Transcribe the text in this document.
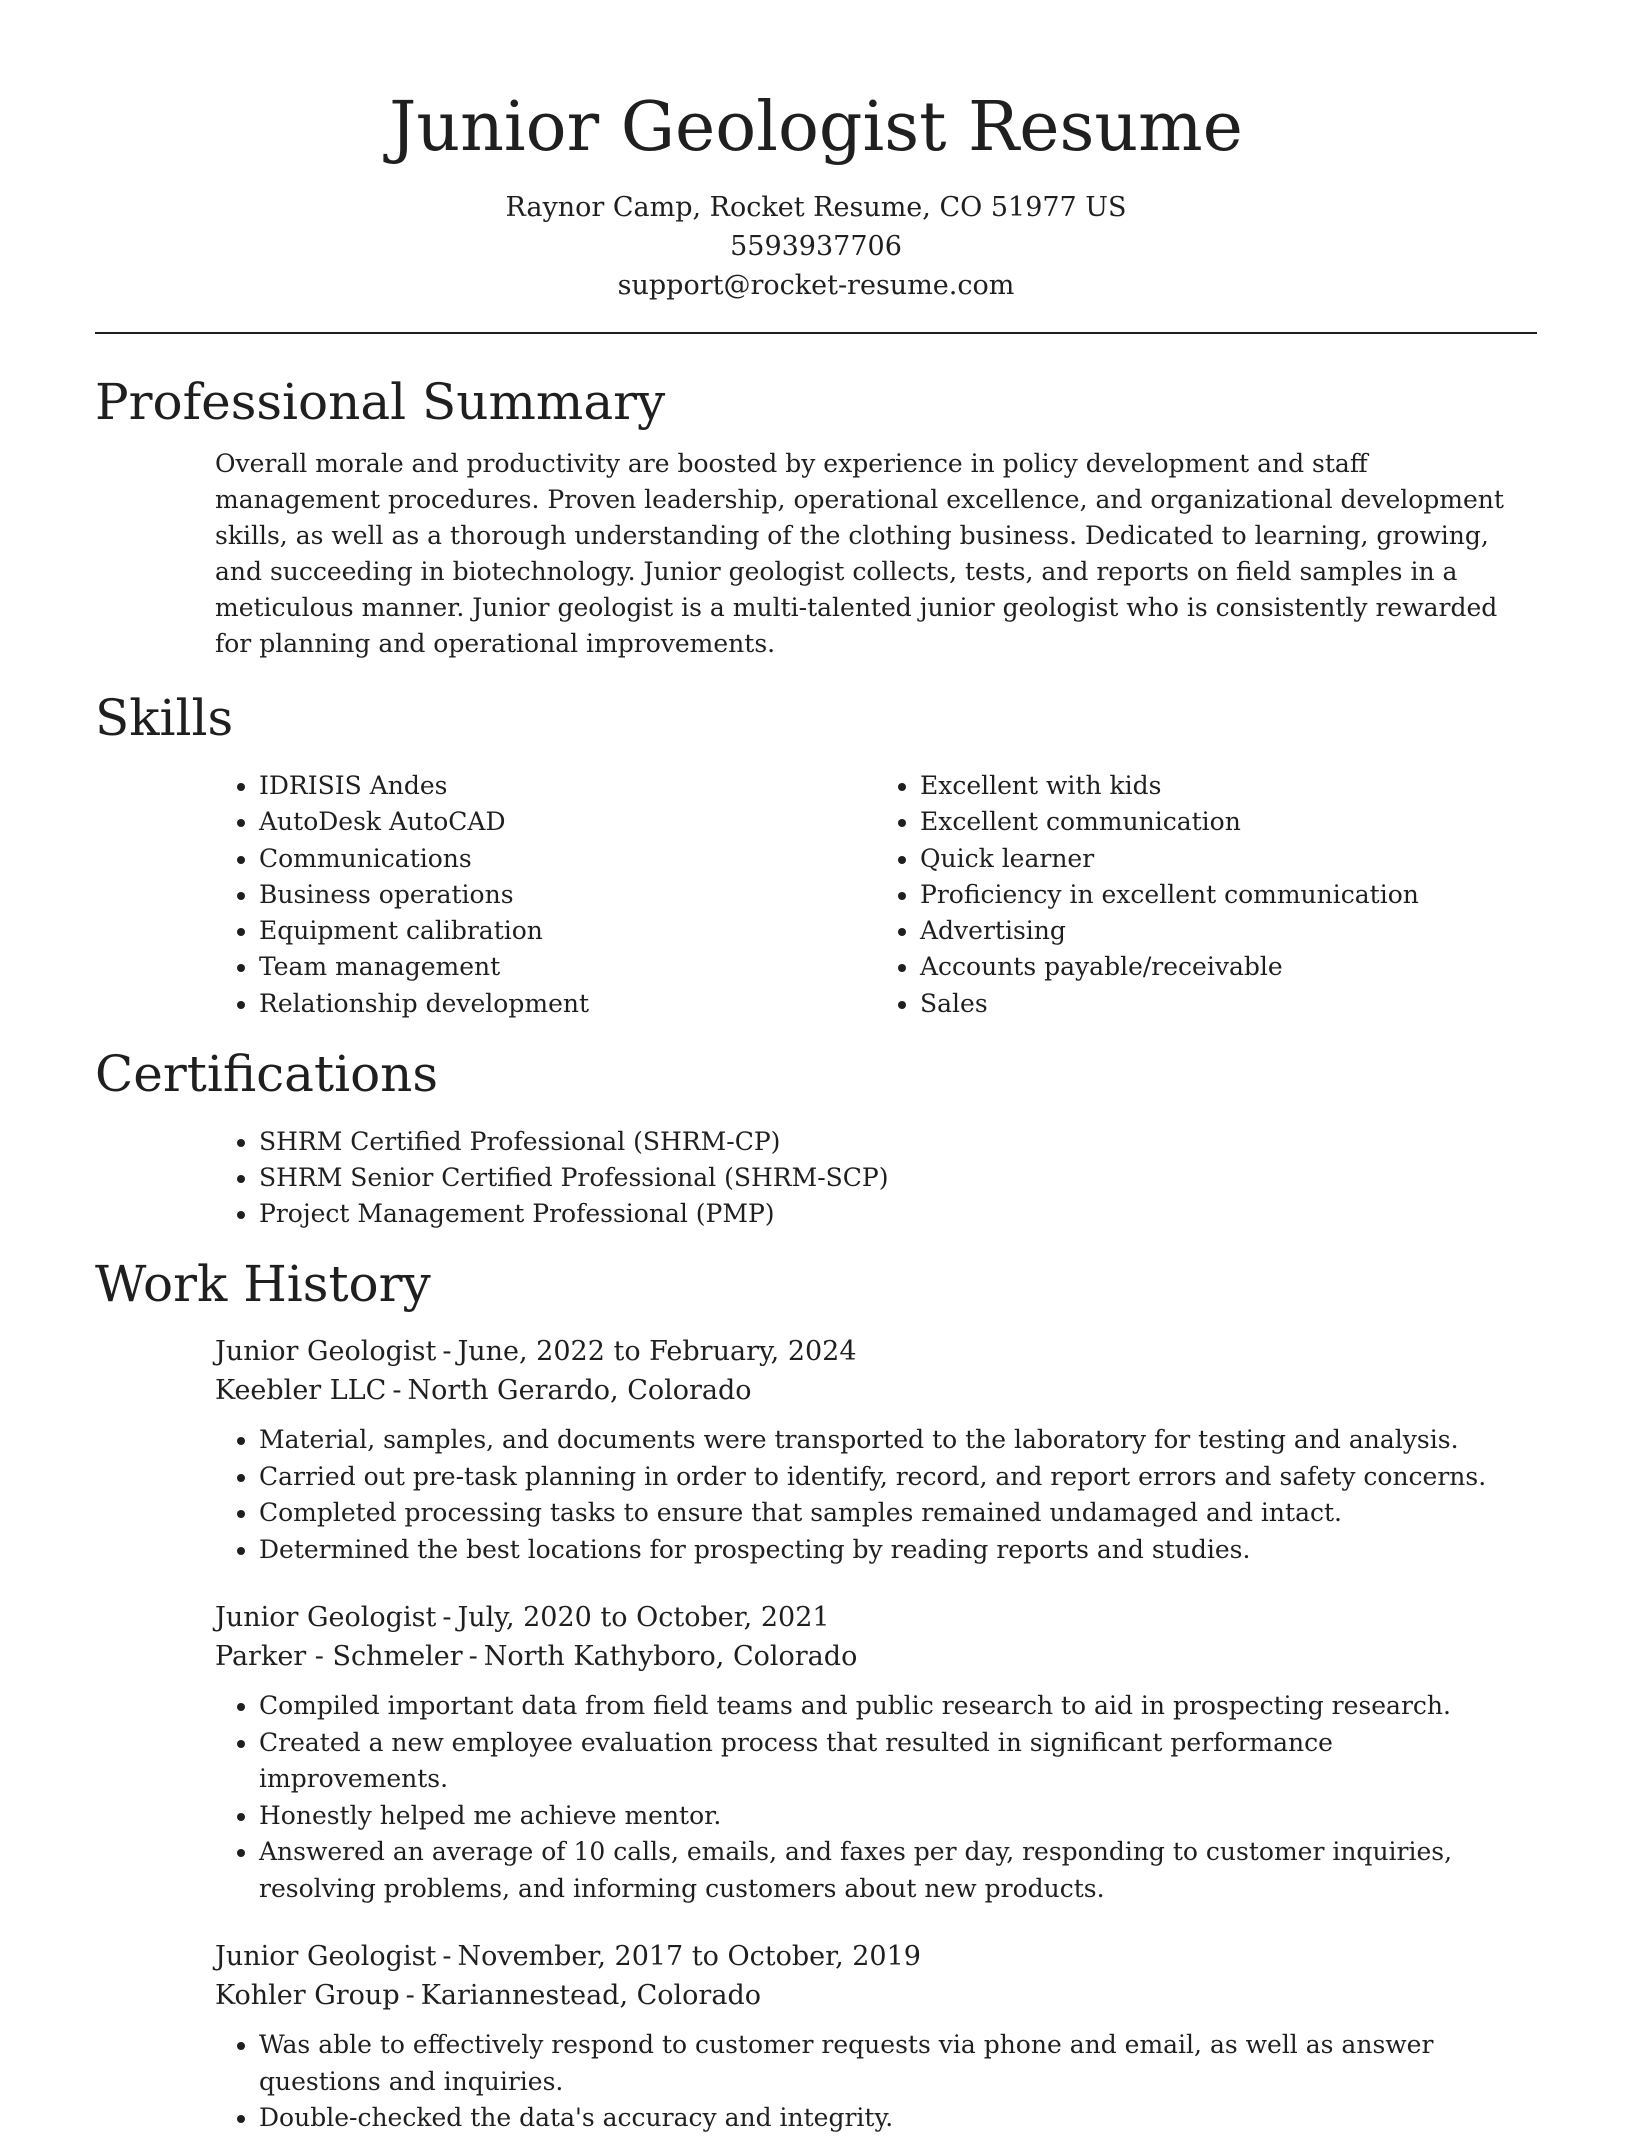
Junior Geologist Resume
Raynor Camp, Rocket Resume, CO 51977 US
5593937706
support@rocket-resume.com
Professional Summary

Overall morale and productivity are boosted by experience in policy development and staff management procedures. Proven leadership, operational excellence, and organizational development skills, as well as a thorough understanding of the clothing business. Dedicated to learning, growing, and succeeding in biotechnology. Junior geologist collects, tests, and reports on field samples in a meticulous manner. Junior geologist is a multi-talented junior geologist who is consistently rewarded for planning and operational improvements.

Skills
• IDRISIS Andes
• AutoDesk AutoCAD
• Communications
• Business operations
• Equipment calibration
• Team management
• Relationship development
• Excellent with kids
• Excellent communication
• Quick learner
• Proficiency in excellent communication
• Advertising
• Accounts payable/receivable
• Sales
Certifications
• SHRM Certified Professional (SHRM-CP)
• SHRM Senior Certified Professional (SHRM-SCP)
• Project Management Professional (PMP)
Work History
Junior Geologist - June, 2022 to February, 2024
Keebler LLC - North Gerardo, Colorado
• Material, samples, and documents were transported to the laboratory for testing and analysis.
• Carried out pre-task planning in order to identify, record, and report errors and safety concerns.
• Completed processing tasks to ensure that samples remained undamaged and intact.
• Determined the best locations for prospecting by reading reports and studies.
Junior Geologist - July, 2020 to October, 2021
Parker - Schmeler - North Kathyboro, Colorado
• Compiled important data from field teams and public research to aid in prospecting research.
• Created a new employee evaluation process that resulted in significant performance improvements.
• Honestly helped me achieve mentor.
• Answered an average of 10 calls, emails, and faxes per day, responding to customer inquiries, resolving problems, and informing customers about new products.
Junior Geologist - November, 2017 to October, 2019
Kohler Group - Kariannestead, Colorado
• Was able to effectively respond to customer requests via phone and email, as well as answer questions and inquiries.
• Double-checked the data's accuracy and integrity.
